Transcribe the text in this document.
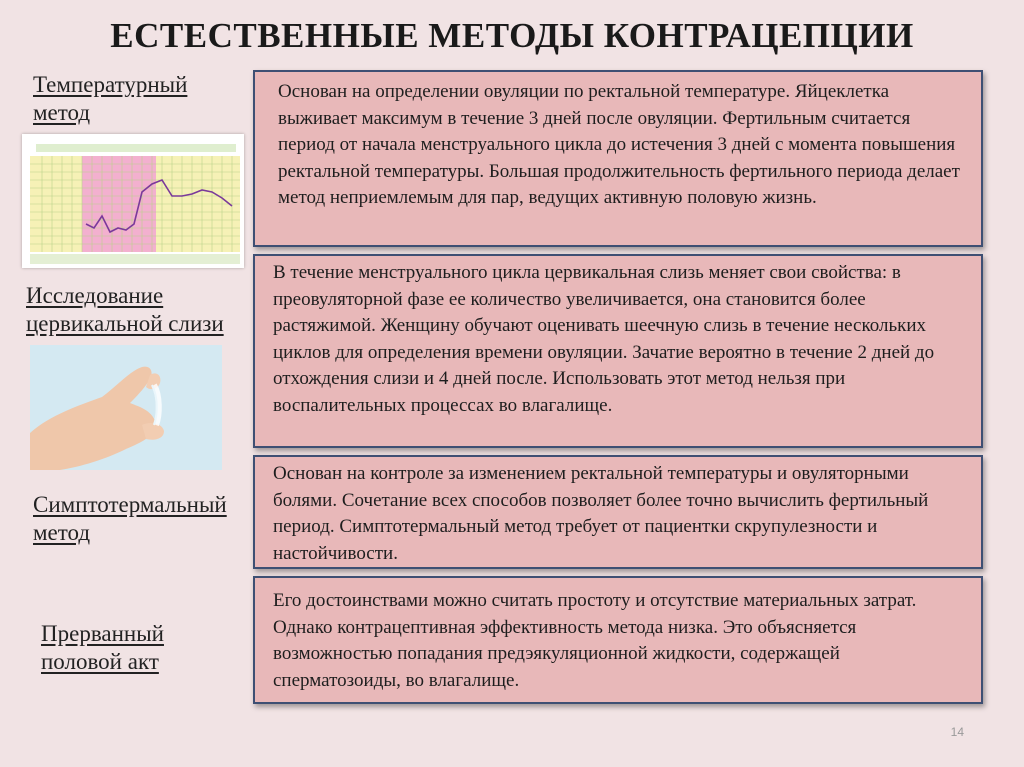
ЕСТЕСТВЕННЫЕ МЕТОДЫ КОНТРАЦЕПЦИИ
Температурный
метод
Исследование
цервикальной слизи
Симптотермальный
метод
Прерванный
половой акт

Основан на определении овуляции по ректальной температуре. Яйцеклетка выживает максимум в течение 3 дней после овуляции. Фертильным считается период от начала менструального цикла до истечения 3 дней с момента повышения ректальной температуры. Большая продолжительность фертильного периода делает метод неприемлемым для пар, ведущих активную половую жизнь.

В течение менструального цикла цервикальная слизь меняет свои свойства: в преовуляторной фазе ее количество увеличивается, она становится более растяжимой. Женщину обучают оценивать шеечную слизь в течение нескольких циклов для определения времени овуляции. Зачатие вероятно в течение 2 дней до отхождения слизи и 4 дней после. Использовать этот метод нельзя при воспалительных процессах во влагалище.

Основан на контроле за изменением ректальной температуры и овуляторными болями. Сочетание всех способов позволяет более точно вычислить фертильный период. Симптотермальный метод требует от пациентки скрупулезности и настойчивости.

Его достоинствами можно считать простоту и отсутствие материальных затрат. Однако контрацептивная эффективность метода низка. Это объясняется возможностью попадания предэякуляционной жидкости, содержащей сперматозоиды, во влагалище.

14
